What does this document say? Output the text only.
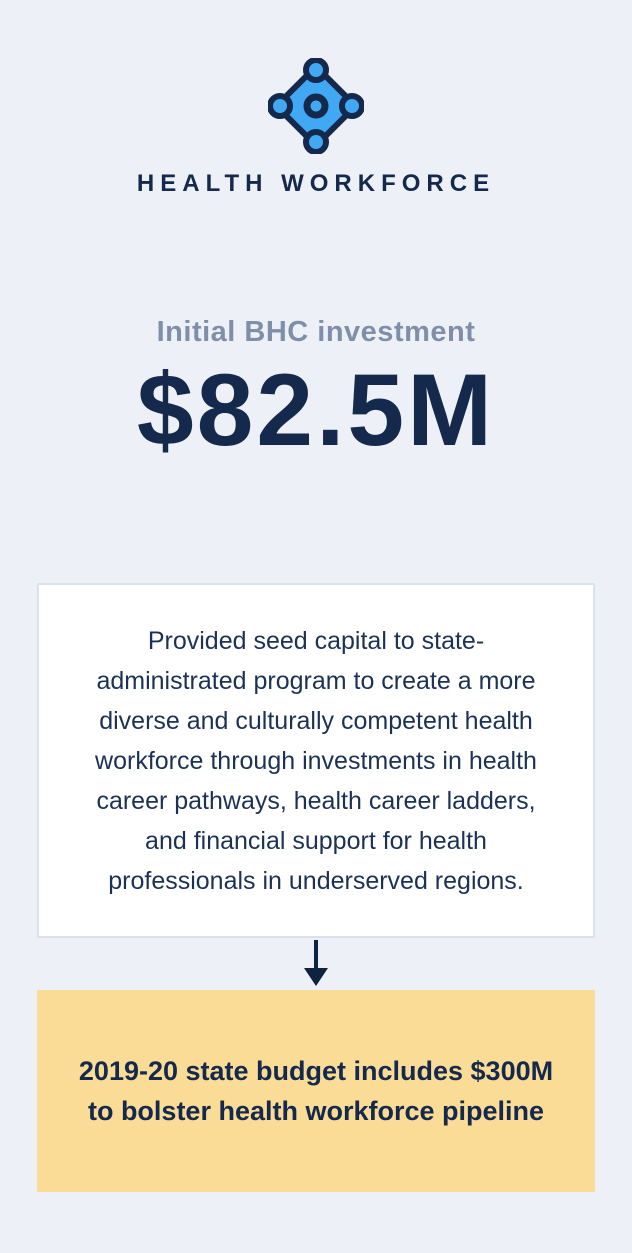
HEALTH WORKFORCE
Initial BHC investment
$82.5M

Provided seed capital to state-administrated program to create a more diverse and culturally competent health workforce through investments in health career pathways, health career ladders, and financial support for health professionals in underserved regions.

2019-20 state budget includes $300M to bolster health workforce pipeline
